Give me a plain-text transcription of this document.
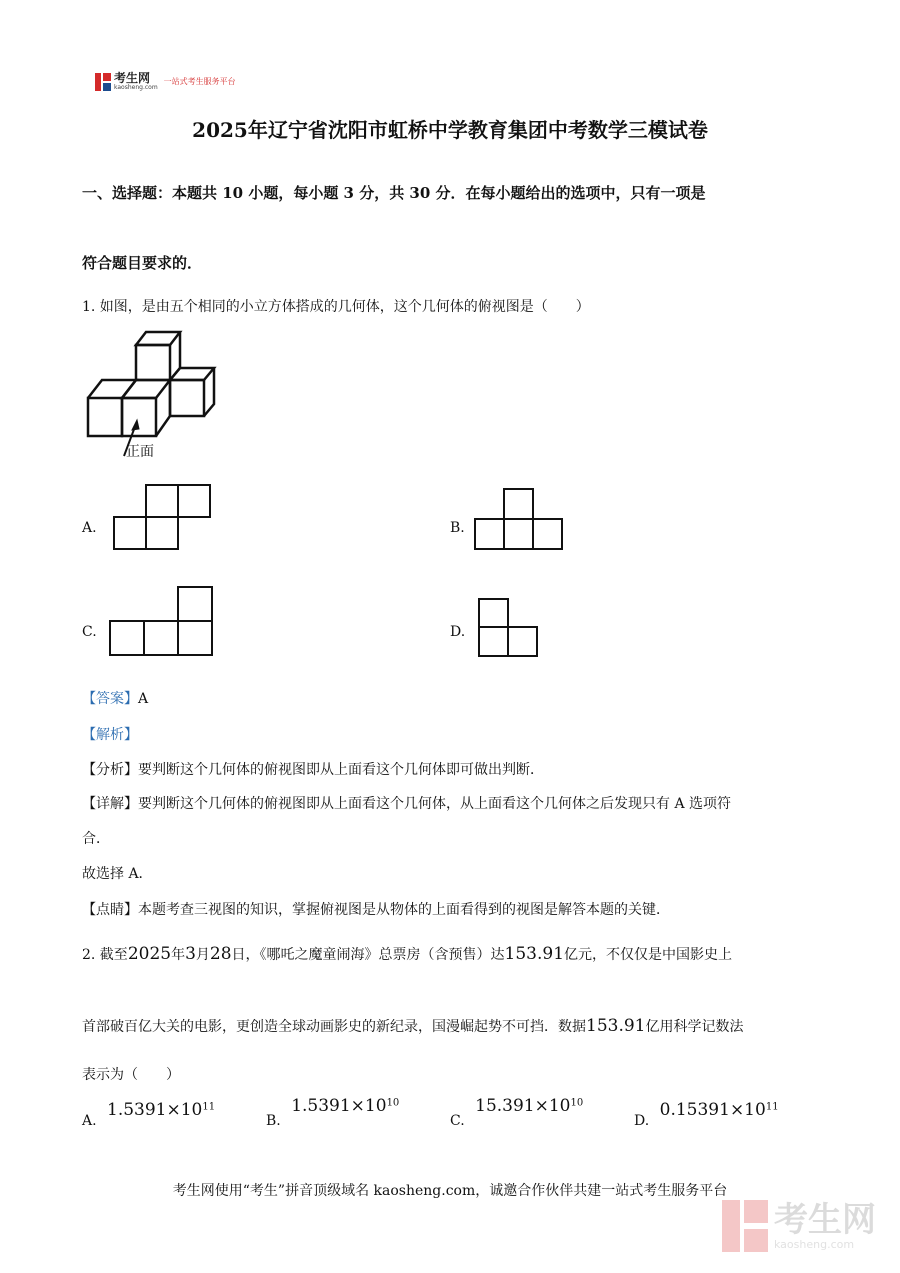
考生网
kaosheng.com
一站式考生服务平台
2025年辽宁省沈阳市虹桥中学教育集团中考数学三模试卷
一、选择题：本题共 10 小题，每小题 3 分，共 30 分．在每小题给出的选项中，只有一项是
符合题目要求的．
1. 如图，是由五个相同的小立方体搭成的几何体，这个几何体的俯视图是（　　）
正面
A.	B.
C.	D.
【答案】A
【解析】
【分析】要判断这个几何体的俯视图即从上面看这个几何体即可做出判断．
【详解】要判断这个几何体的俯视图即从上面看这个几何体，从上面看这个几何体之后发现只有 A 选项符
合．
故选择 A．
【点睛】本题考查三视图的知识，掌握俯视图是从物体的上面看得到的视图是解答本题的关键．
2. 截至2025年3月28日，《哪吒之魔童闹海》总票房（含预售）达153.91亿元，不仅仅是中国影史上
首部破百亿大关的电影，更创造全球动画影史的新纪录，国漫崛起势不可挡．数据153.91亿用科学记数法
表示为（　　）
A. $1.5391\times 10^{11}$
B. $1.5391\times 10^{10}$
C. $15.391\times 10^{10}$
D. $0.15391\times 10^{11}$
考生网使用“考生”拼音顶级域名 kaosheng.com，诚邀合作伙伴共建一站式考生服务平台
考生网
kaosheng.com
